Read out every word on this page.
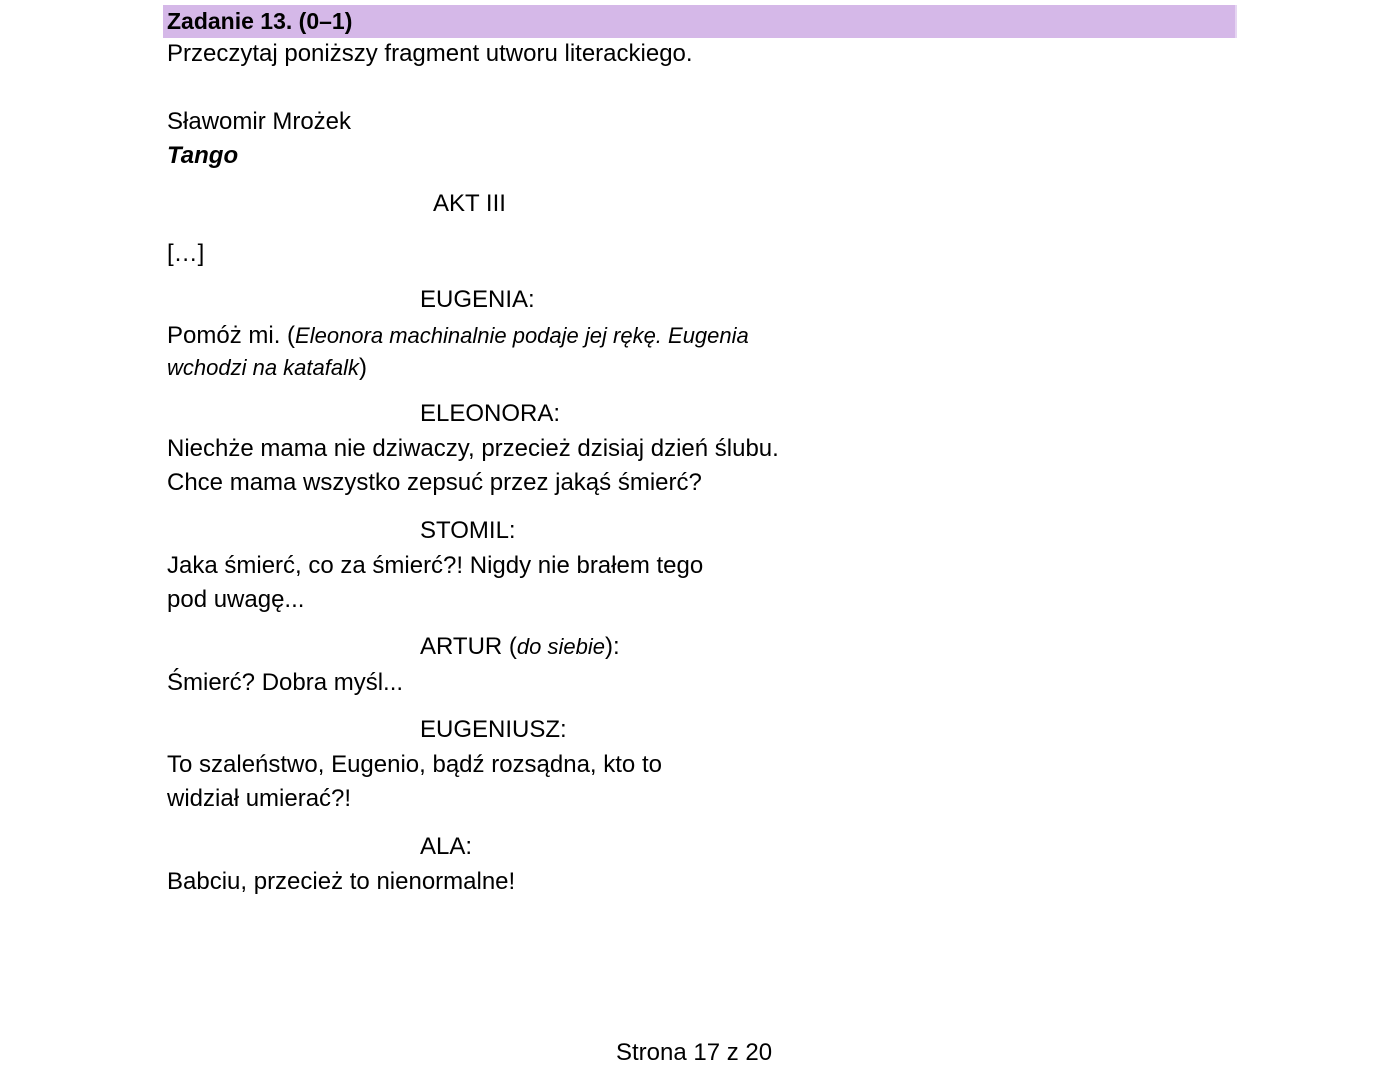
Zadanie 13. (0–1)
Przeczytaj poniższy fragment utworu literackiego.
Sławomir Mrożek
Tango
AKT III
[…]
EUGENIA:
Pomóż mi. (Eleonora machinalnie podaje jej rękę. Eugenia
wchodzi na katafalk)
ELEONORA:
Niechże mama nie dziwaczy, przecież dzisiaj dzień ślubu.
Chce mama wszystko zepsuć przez jakąś śmierć?
STOMIL:
Jaka śmierć, co za śmierć?! Nigdy nie brałem tego
pod uwagę...
ARTUR (do siebie):
Śmierć? Dobra myśl...
EUGENIUSZ:
To szaleństwo, Eugenio, bądź rozsądna, kto to
widział umierać?!
ALA:
Babciu, przecież to nienormalne!
Strona 17 z 20
